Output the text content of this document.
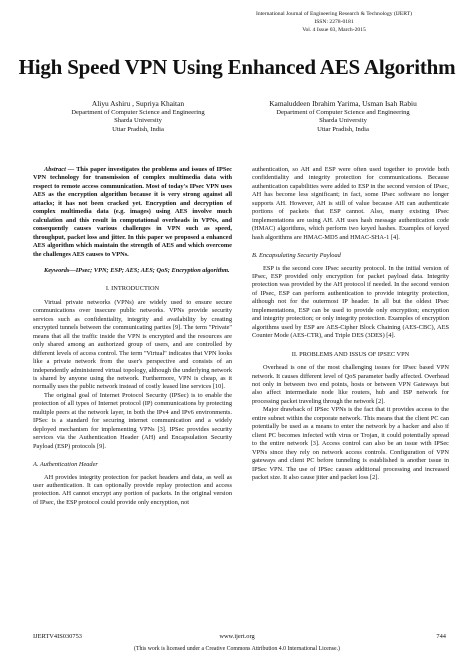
International Journal of Engineering Research & Technology (IJERT)
ISSN: 2278-0181
Vol. 4 Issue 03, March-2015
High Speed VPN Using Enhanced AES Algorithm
Aliyu Ashiru , Supriya Khaitan
Department of Computer Science and Engineering
Sharda University
Uttar Pradish, India
Kamaluddeen Ibrahim Yarima, Usman Isah Rabiu
Department of Computer Science and Engineering
Sharda University
Uttar Pradish, India

Abstract — This paper investigates the problems and issues of IPSec VPN technology for transmission of complex multimedia data with respect to remote access communication. Most of today's IPsec VPN uses AES as the encryption algorithm because it is very strong against all attacks; it has not been cracked yet. Encryption and decryption of complex multimedia data (e.g. images) using AES involve much calculation and this result in computational overheads in VPNs, and consequently causes various challenges in VPN such as speed, throughput, packet loss and jitter. In this paper we proposed a enhanced AES algorithm which maintain the strength of AES and which overcome the challenges AES causes to VPNs.

Keywords—IPsec; VPN; ESP; AES; AES; QoS; Encryption algorithm.

I. INTRODUCTION

Virtual private networks (VPNs) are widely used to ensure secure communications over insecure public networks. VPNs provide security services such as confidentiality, integrity and availability by creating encrypted tunnels between the communicating parties [9]. The term "Private" means that all the traffic inside the VPN is encrypted and the resources are only shared among an authorized group of users, and are controlled by different levels of access control. The term "Virtual" indicates that VPN looks like a private network from the user's perspective and consists of an independently administered virtual topology, although the underlying network is shared by anyone using the network. Furthermore, VPN is cheap, as it normally uses the public network instead of costly leased line services [10].

The original goal of Internet Protocol Security (IPSec) is to enable the protection of all types of Internet protocol (IP) communications by protecting multiple peers at the network layer, in both the IPv4 and IPv6 environments. IPSec is a standard for securing internet communication and a widely deployed mechanism for implementing VPNs [3]. IPSec provides security services via the Authentication Header (AH) and Encapsulation Security Payload (ESP) protocols [9].

A. Authentication Header

AH provides integrity protection for packet headers and data, as well as user authentication. It can optionally provide replay protection and access protection. AH cannot encrypt any portion of packets. In the original version of IPsec, the ESP protocol could provide only encryption, not

authentication, so AH and ESP were often used together to provide both confidentiality and integrity protection for communications. Because authentication capabilities were added to ESP in the second version of IPsec, AH has become less significant; in fact, some IPsec software no longer supports AH. However, AH is still of value because AH can authenticate portions of packets that ESP cannot. Also, many existing IPsec implementations are using AH. AH uses hash message authentication code (HMAC) algorithms, which perform two keyed hashes. Examples of keyed hash algorithms are HMAC-MD5 and HMAC-SHA-1 [4].

B. Encapsulating Security Payload

ESP is the second core IPsec security protocol. In the initial version of IPsec, ESP provided only encryption for packet payload data. Integrity protection was provided by the AH protocol if needed. In the second version of IPsec, ESP can perform authentication to provide integrity protection, although not for the outermost IP header. In all but the oldest IPsec implementations, ESP can be used to provide only encryption; encryption and integrity protection; or only integrity protection. Examples of encryption algorithms used by ESP are AES-Cipher Block Chaining (AES-CBC), AES Counter Mode (AES-CTR), and Triple DES (3DES) [4].

II. PROBLEMS AND ISSUS OF IPSEC VPN

Overhead is one of the most challenging issues for IPsec based VPN network. It causes different level of QoS parameter badly affected. Overhead not only in between two end points, hosts or between VPN Gateways but also affect intermediate node like routers, hub and ISP network for processing packet traveling through the network [2].

Major drawback of IPSec VPNs is the fact that it provides access to the entire subnet within the corporate network. This means that the client PC can potentially be used as a means to enter the network by a hacker and also if client PC becomes infected with virus or Trojan, it could potentially spread to the entire network [3]. Access control can also be an issue with IPSec VPNs since they rely on network access controls. Configuration of VPN gateways and client PC before tunneling is established is another issue in IPSec VPN. The use of IPSec causes additional processing and increased packet size. It also cause jitter and packet loss [2].

IJERTV4IS030753	www.ijert.org	744
(This work is licensed under a Creative Commons Attribution 4.0 International License.)
